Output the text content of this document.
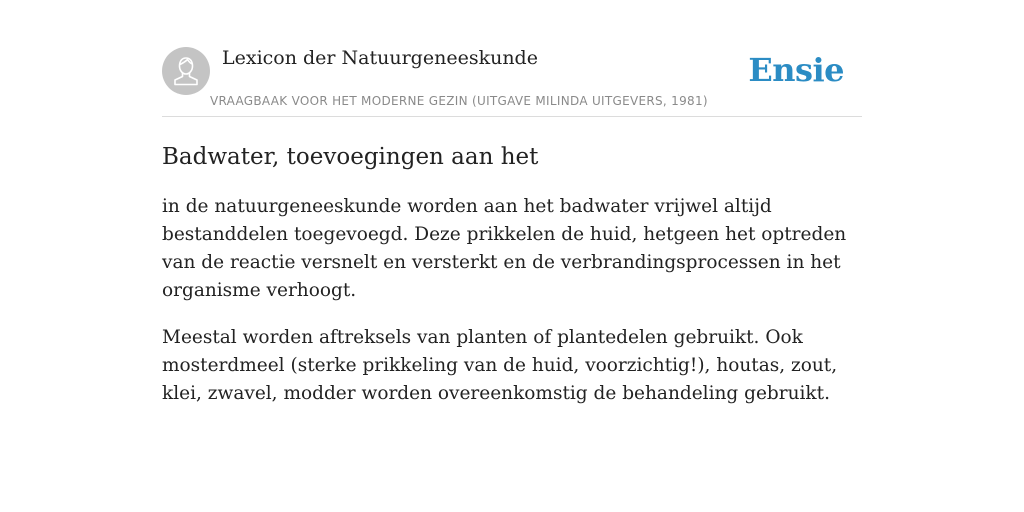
Lexicon der Natuurgeneeskunde
VRAAGBAAK VOOR HET MODERNE GEZIN (UITGAVE MILINDA UITGEVERS, 1981)
Ensie
Badwater, toevoegingen aan het

in de natuurgeneeskunde worden aan het badwater vrijwel altijd bestanddelen toegevoegd. Deze prikkelen de huid, hetgeen het optreden van de reactie versnelt en versterkt en de verbrandingsprocessen in het organisme verhoogt.

Meestal worden aftreksels van planten of plantedelen gebruikt. Ook mosterdmeel (sterke prikkeling van de huid, voorzichtig!), houtas, zout, klei, zwavel, modder worden overeenkomstig de behandeling gebruikt.
